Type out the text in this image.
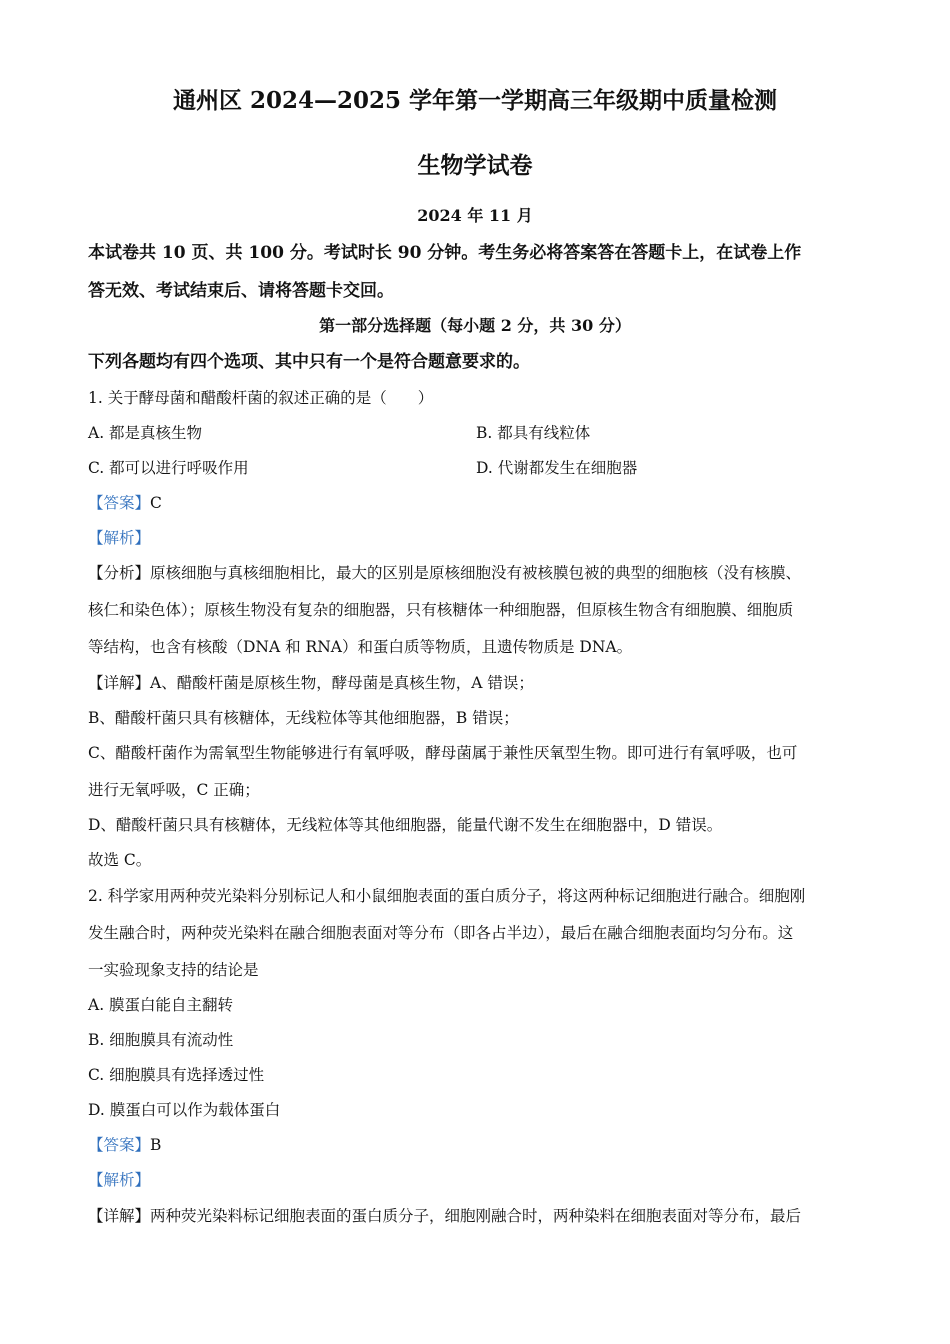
通州区 2024—2025 学年第一学期高三年级期中质量检测
生物学试卷
2024 年 11 月
本试卷共 10 页、共 100 分。考试时长 90 分钟。考生务必将答案答在答题卡上，在试卷上作
答无效、考试结束后、请将答题卡交回。
第一部分选择题（每小题 2 分，共 30 分）
下列各题均有四个选项、其中只有一个是符合题意要求的。
1. 关于酵母菌和醋酸杆菌的叙述正确的是（　　）
A. 都是真核生物	B. 都具有线粒体
C. 都可以进行呼吸作用	D. 代谢都发生在细胞器
【答案】C
【解析】
【分析】原核细胞与真核细胞相比，最大的区别是原核细胞没有被核膜包被的典型的细胞核（没有核膜、
核仁和染色体）；原核生物没有复杂的细胞器，只有核糖体一种细胞器，但原核生物含有细胞膜、细胞质
等结构，也含有核酸（DNA 和 RNA）和蛋白质等物质，且遗传物质是 DNA。
【详解】A、醋酸杆菌是原核生物，酵母菌是真核生物，A 错误；
B、醋酸杆菌只具有核糖体，无线粒体等其他细胞器，B 错误；
C、醋酸杆菌作为需氧型生物能够进行有氧呼吸，酵母菌属于兼性厌氧型生物。即可进行有氧呼吸，也可
进行无氧呼吸，C 正确；
D、醋酸杆菌只具有核糖体，无线粒体等其他细胞器，能量代谢不发生在细胞器中，D 错误。
故选 C。
2. 科学家用两种荧光染料分别标记人和小鼠细胞表面的蛋白质分子，将这两种标记细胞进行融合。细胞刚
发生融合时，两种荧光染料在融合细胞表面对等分布（即各占半边），最后在融合细胞表面均匀分布。这
一实验现象支持的结论是
A. 膜蛋白能自主翻转
B. 细胞膜具有流动性
C. 细胞膜具有选择透过性
D. 膜蛋白可以作为载体蛋白
【答案】B
【解析】
【详解】两种荧光染料标记细胞表面的蛋白质分子，细胞刚融合时，两种染料在细胞表面对等分布，最后
